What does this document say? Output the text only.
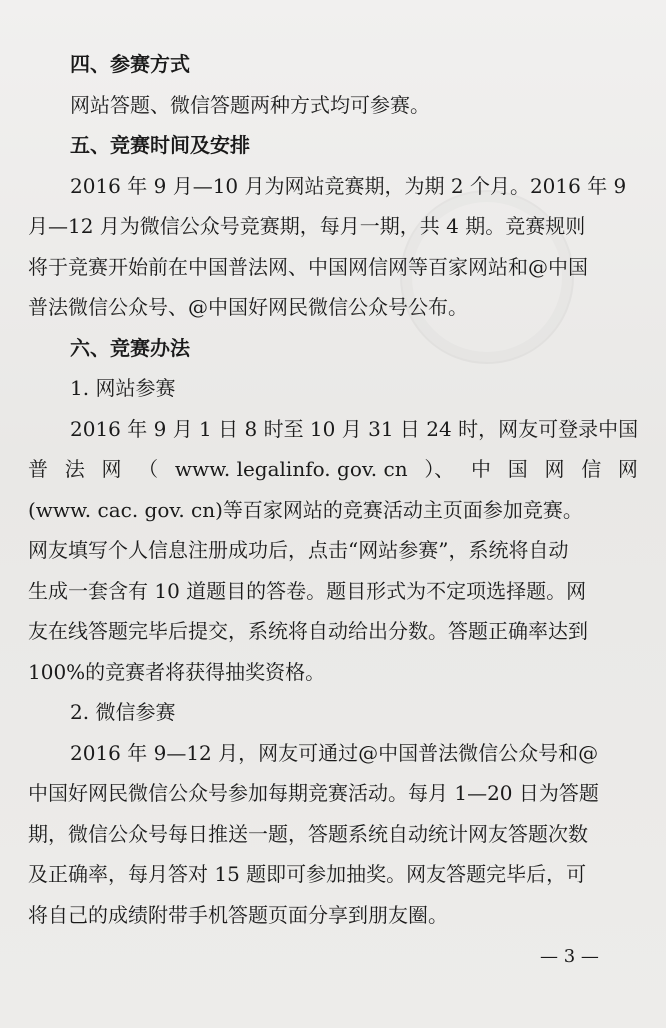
四、参赛方式

网站答题、微信答题两种方式均可参赛。

五、竞赛时间及安排

2016 年 9 月—10 月为网站竞赛期，为期 2 个月。2016 年 9

月—12 月为微信公众号竞赛期，每月一期，共 4 期。竞赛规则

将于竞赛开始前在中国普法网、中国网信网等百家网站和@中国

普法微信公众号、@中国好网民微信公众号公布。

六、竞赛办法

1. 网站参赛

2016 年 9 月 1 日 8 时至 10 月 31 日 24 时，网友可登录中国

普 法 网 （ www. legalinfo. gov. cn ）、 中 国 网 信 网

(www. cac. gov. cn)等百家网站的竞赛活动主页面参加竞赛。

网友填写个人信息注册成功后，点击“网站参赛”，系统将自动

生成一套含有 10 道题目的答卷。题目形式为不定项选择题。网

友在线答题完毕后提交，系统将自动给出分数。答题正确率达到

100%的竞赛者将获得抽奖资格。

2. 微信参赛

2016 年 9—12 月，网友可通过@中国普法微信公众号和@

中国好网民微信公众号参加每期竞赛活动。每月 1—20 日为答题

期，微信公众号每日推送一题，答题系统自动统计网友答题次数

及正确率，每月答对 15 题即可参加抽奖。网友答题完毕后，可

将自己的成绩附带手机答题页面分享到朋友圈。

— 3 —
